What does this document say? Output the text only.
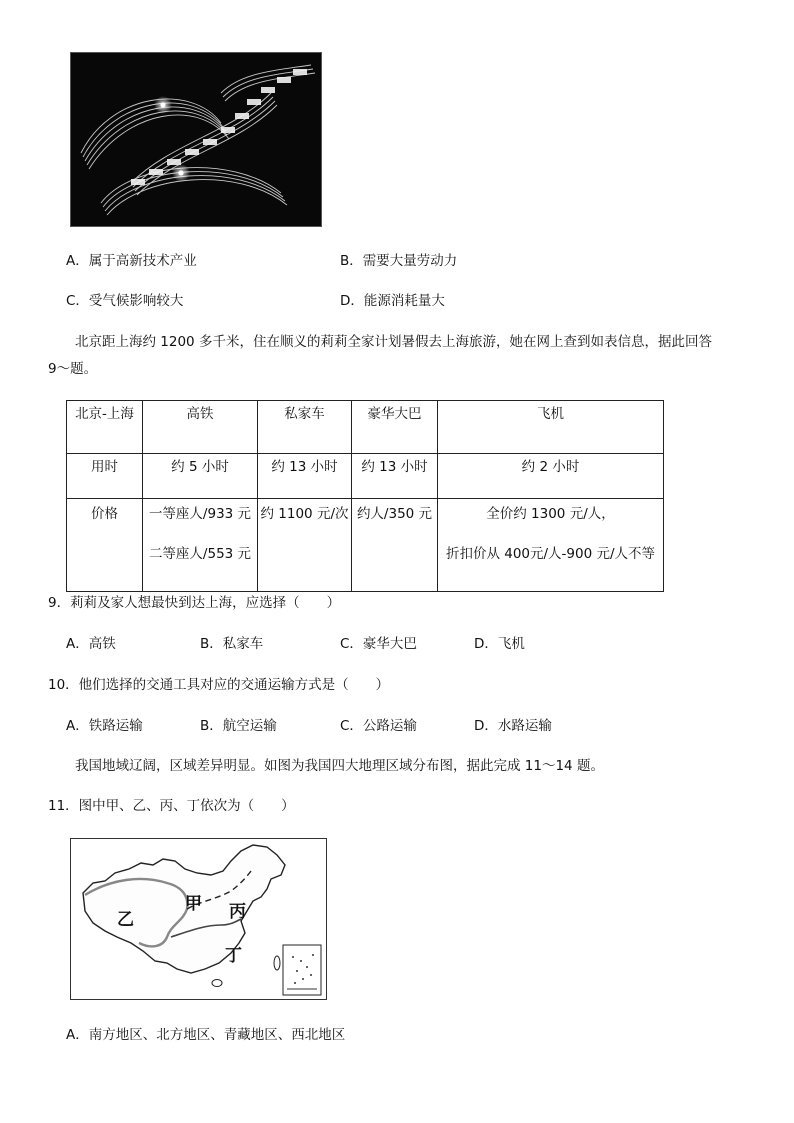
A．属于高新技术产业	B．需要大量劳动力
C．受气候影响较大	D．能源消耗量大
北京距上海约 1200 多千米，住在顺义的莉莉全家计划暑假去上海旅游，她在网上查到如表信息，据此回答
9～题。
北京-上海	高铁	私家车	豪华大巴	飞机

用时	约 5 小时	约 13 小时	约 13 小时	约 2 小时

价格	一等座人/933 元
二等座人/553 元	约 1100 元/次	约人/350 元	全价约 1300 元/人，
折扣价从 400元/人-900 元/人不等
9．莉莉及家人想最快到达上海，应选择（　　）
A．高铁	B．私家车	C．豪华大巴	D．飞机
10．他们选择的交通工具对应的交通运输方式是（　　）
A．铁路运输	B．航空运输	C．公路运输	D．水路运输
我国地域辽阔，区域差异明显。如图为我国四大地理区域分布图，据此完成 11～14 题。
11．图中甲、乙、丙、丁依次为（　　）
甲
乙	丙
丁
A．南方地区、北方地区、青藏地区、西北地区
